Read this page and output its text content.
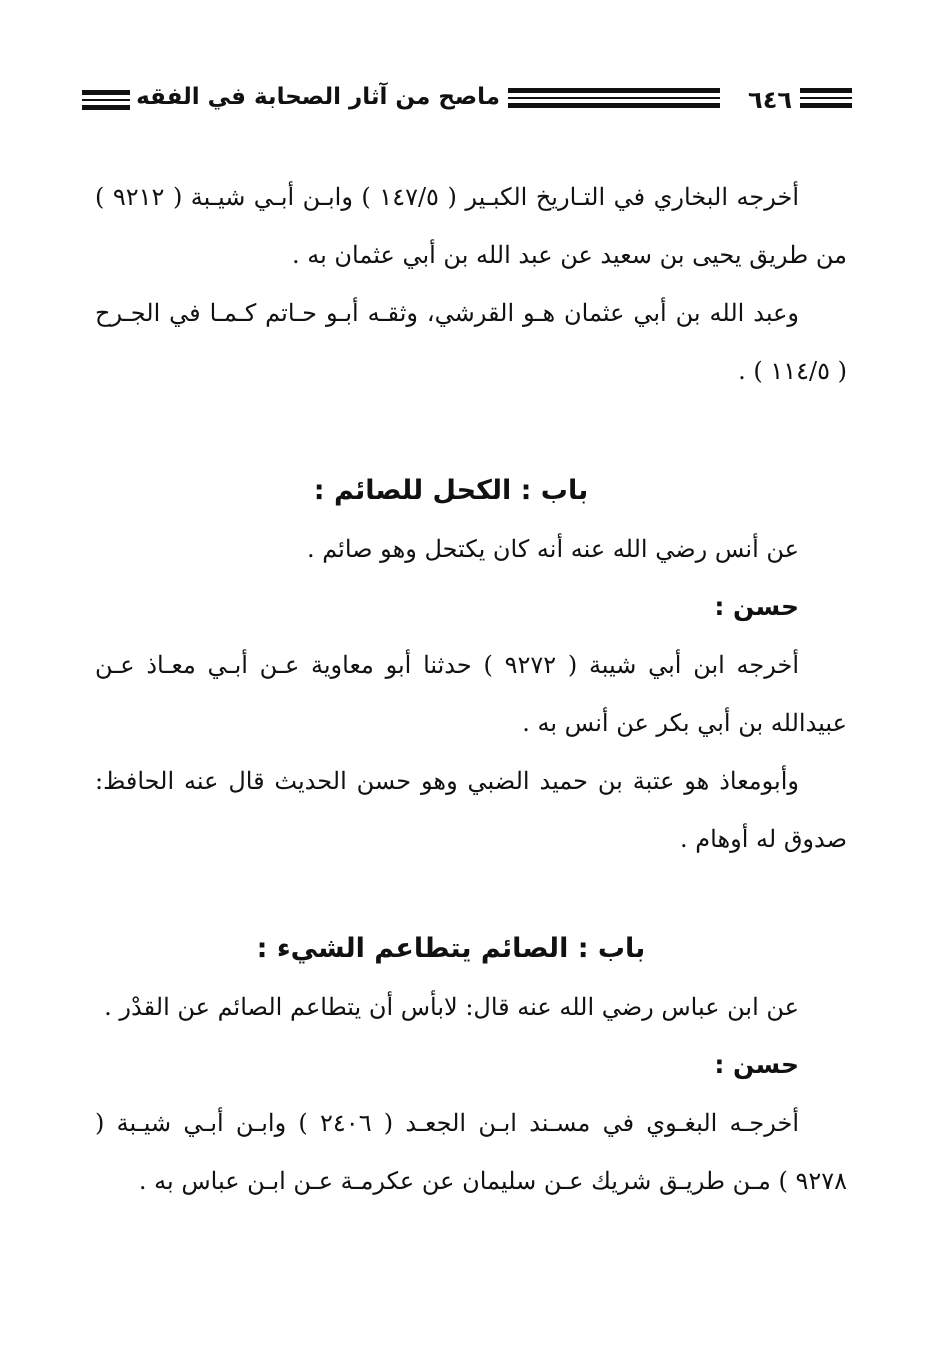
٦٤٦
ماصح من آثار الصحابة في الفقه

أخرجه البخاري في التـاريخ الكبـير ( ١٤٧/٥ ) وابـن أبـي شيـبة ( ٩٢١٢ ) من طريق يحيى بن سعيد عن عبد الله بن أبي عثمان به .

وعبد الله بن أبي عثمان هـو القرشي، وثقـه أبـو حـاتم كـمـا في الجـرح ( ١١٤/٥ ) .

باب : الكحل للصائم :

عن أنس رضي الله عنه أنه كان يكتحل وهو صائم .

حسن :

أخرجه ابن أبي شيبة ( ٩٢٧٢ ) حدثنا أبو معاوية عـن أبـي معـاذ عـن عبيدالله بن أبي بكر عن أنس به .

وأبومعاذ هو عتبة بن حميد الضبي وهو حسن الحديث قال عنه الحافظ: صدوق له أوهام .

باب : الصائم يتطاعم الشيء :

عن ابن عباس رضي الله عنه قال: لابأس أن يتطاعم الصائم عن القدْر .

حسن :

أخرجـه البغـوي في مسـند ابـن الجعـد ( ٢٤٠٦ ) وابـن أبـي شيـبة ( ٩٢٧٨ ) مـن طريـق شريك عـن سليمان عن عكرمـة عـن ابـن عباس به .
